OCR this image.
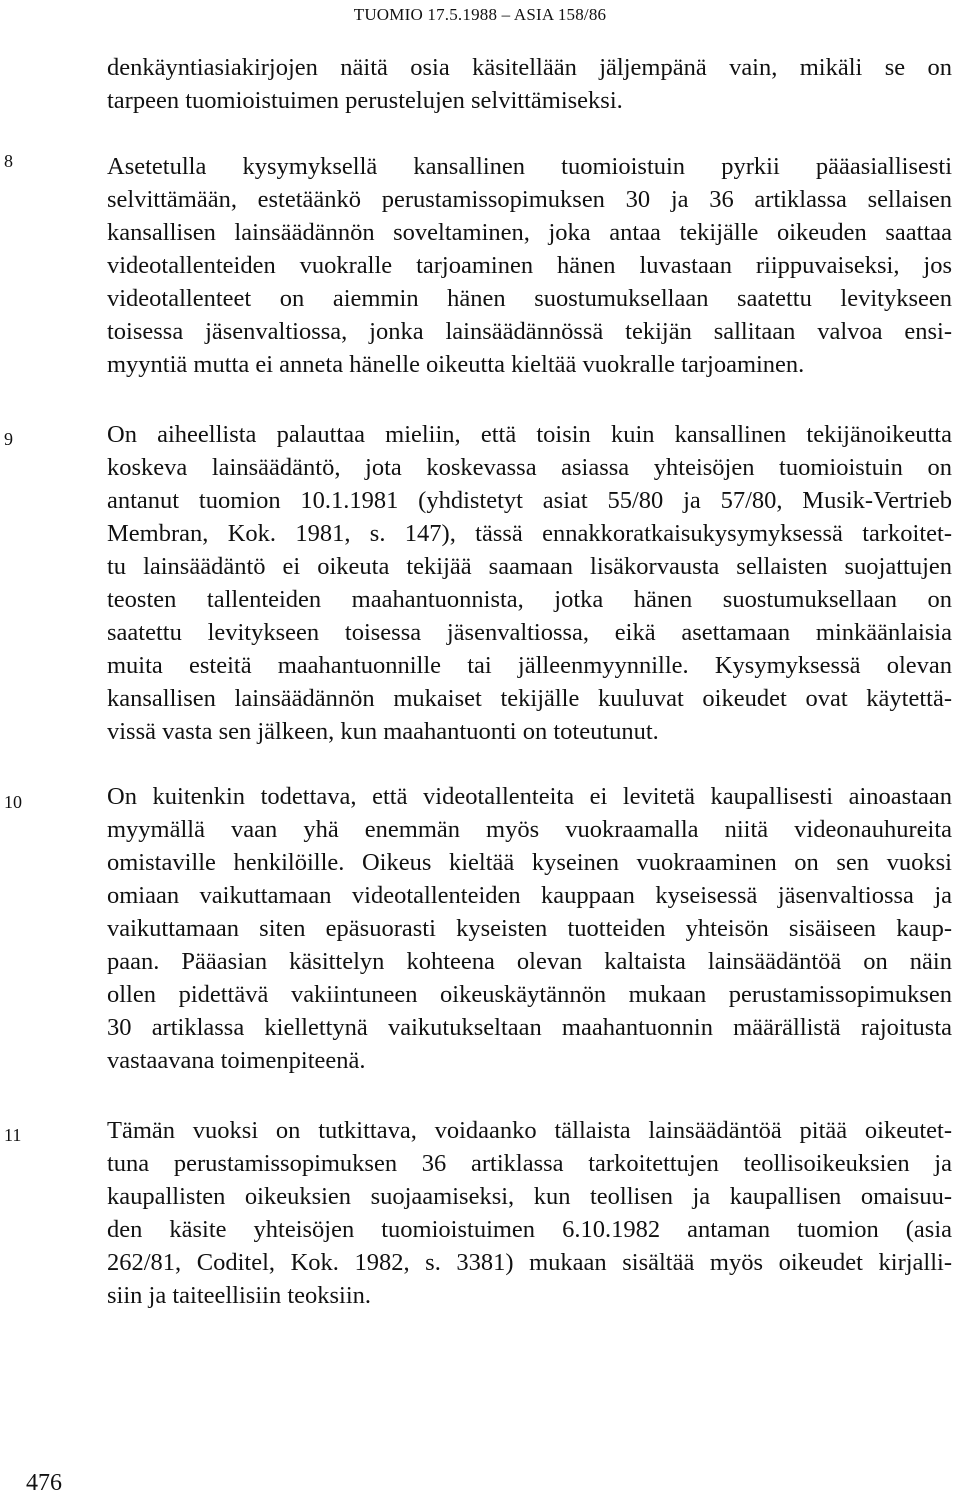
TUOMIO 17.5.1988 – ASIA 158/86
denkäyntiasiakirjojen näitä osia käsitellään jäljempänä vain, mikäli se on
tarpeen tuomioistuimen perustelujen selvittämiseksi.
8	Asetetulla kysymyksellä kansallinen tuomioistuin pyrkii pääasiallisesti
selvittämään, estetäänkö perustamissopimuksen 30 ja 36 artiklassa sellaisen
kansallisen lainsäädännön soveltaminen, joka antaa tekijälle oikeuden saattaa
videotallenteiden vuokralle tarjoaminen hänen luvastaan riippuvaiseksi, jos
videotallenteet on aiemmin hänen suostumuksellaan saatettu levitykseen
toisessa jäsenvaltiossa, jonka lainsäädännössä tekijän sallitaan valvoa ensi-
myyntiä mutta ei anneta hänelle oikeutta kieltää vuokralle tarjoaminen.
9	On aiheellista palauttaa mieliin, että toisin kuin kansallinen tekijänoikeutta
koskeva lainsäädäntö, jota koskevassa asiassa yhteisöjen tuomioistuin on
antanut tuomion 10.1.1981 (yhdistetyt asiat 55/80 ja 57/80, Musik-Vertrieb
Membran, Kok. 1981, s. 147), tässä ennakkoratkaisukysymyksessä tarkoitet-
tu lainsäädäntö ei oikeuta tekijää saamaan lisäkorvausta sellaisten suojattujen
teosten tallenteiden maahantuonnista, jotka hänen suostumuksellaan on
saatettu levitykseen toisessa jäsenvaltiossa, eikä asettamaan minkäänlaisia
muita esteitä maahantuonnille tai jälleenmyynnille. Kysymyksessä olevan
kansallisen lainsäädännön mukaiset tekijälle kuuluvat oikeudet ovat käytettä-
vissä vasta sen jälkeen, kun maahantuonti on toteutunut.
10	On kuitenkin todettava, että videotallenteita ei levitetä kaupallisesti ainoastaan
myymällä vaan yhä enemmän myös vuokraamalla niitä videonauhureita
omistaville henkilöille. Oikeus kieltää kyseinen vuokraaminen on sen vuoksi
omiaan vaikuttamaan videotallenteiden kauppaan kyseisessä jäsenvaltiossa ja
vaikuttamaan siten epäsuorasti kyseisten tuotteiden yhteisön sisäiseen kaup-
paan. Pääasian käsittelyn kohteena olevan kaltaista lainsäädäntöä on näin
ollen pidettävä vakiintuneen oikeuskäytännön mukaan perustamissopimuksen
30 artiklassa kiellettynä vaikutukseltaan maahantuonnin määrällistä rajoitusta
vastaavana toimenpiteenä.
11	Tämän vuoksi on tutkittava, voidaanko tällaista lainsäädäntöä pitää oikeutet-
tuna perustamissopimuksen 36 artiklassa tarkoitettujen teollisoikeuksien ja
kaupallisten oikeuksien suojaamiseksi, kun teollisen ja kaupallisen omaisuu-
den käsite yhteisöjen tuomioistuimen 6.10.1982 antaman tuomion (asia
262/81, Coditel, Kok. 1982, s. 3381) mukaan sisältää myös oikeudet kirjalli-
siin ja taiteellisiin teoksiin.
476
